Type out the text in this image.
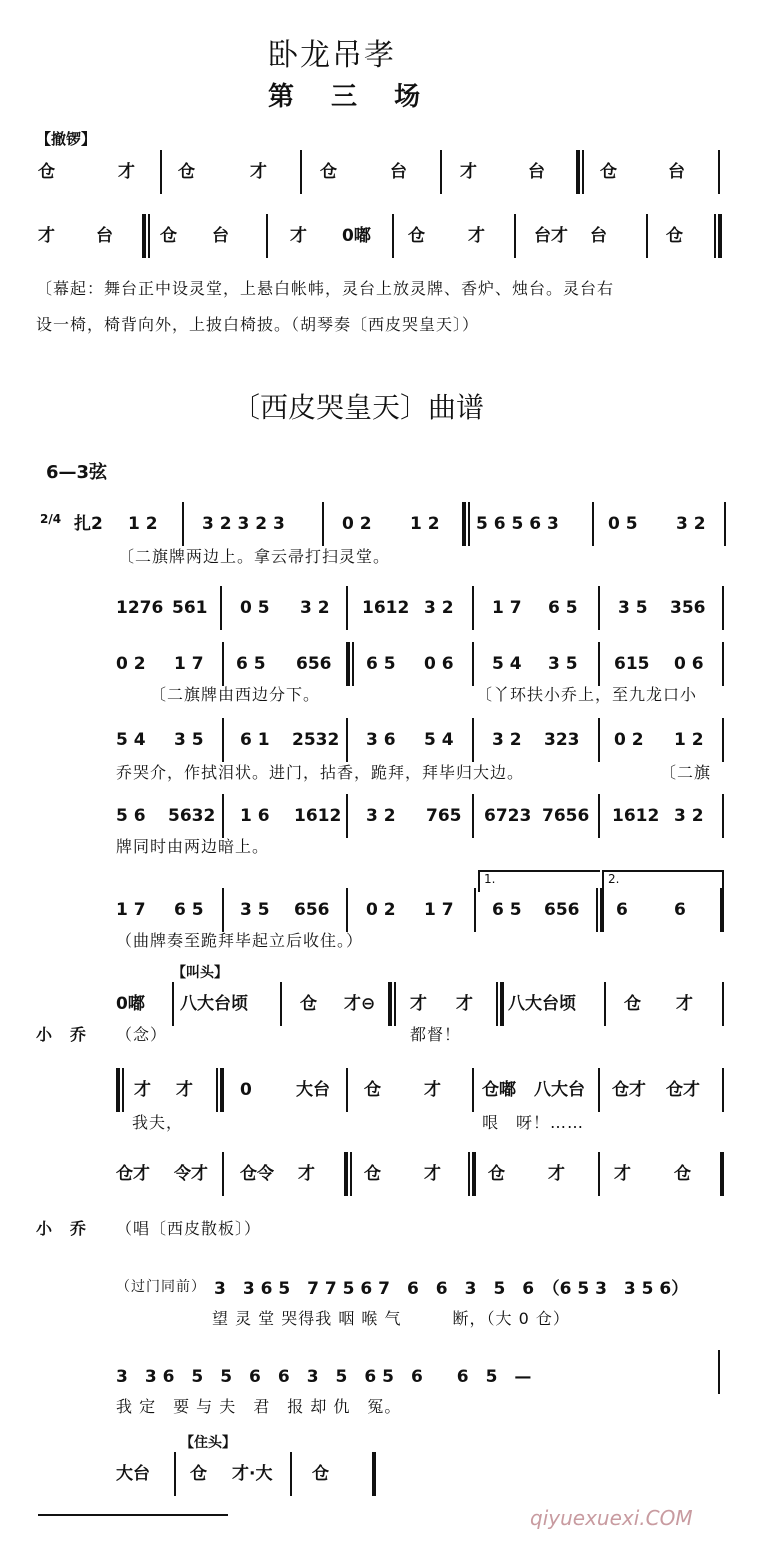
卧龙吊孝
第 三 场
【撤锣】
仓	才	仓	才	仓	台	才	台	仓	台
才 台	仓 台	才 0嘟 仓	才	台才 台	仓
〔幕起：舞台正中设灵堂，上悬白帐帏，灵台上放灵牌、香炉、烛台。灵台右
设一椅，椅背向外，上披白椅披。（胡琴奏〔西皮哭皇天〕）
〔西皮哭皇天〕曲谱
6—3弦
2/4 扎2 1 2	3 2 3 2 3	0 2 1 2 5 6 5 6 3	0 5 3 2
〔二旗牌两边上。拿云帚打扫灵堂。
1276 561 0 5 3 2 1612 3 2 1 7 6 5 3 5 356
0 2 1 7 6 5 656 6 5 0 6 5 4 3 5 615 0 6
〔二旗牌由西边分下。	〔丫环扶小乔上，至九龙口小
5 4 3 5 6 1 2532 3 6 5 4 3 2 323 0 2 1 2
乔哭介，作拭泪状。进门，拈香，跪拜，拜毕归大边。	〔二旗
5 6 5632 1 6 1612 3 2 765 6723 7656 1612 3 2
牌同时由两边暗上。
1.	2.
1 7 6 5 3 5 656 0 2 1 7 6 5 656 6	6
（曲牌奏至跪拜毕起立后收住。）
【叫头】
0嘟 八大台顷	仓 才⊖ 才 才 八大台顷	仓 才
小　乔 （念）	都督！
才 才	0	大台 仓	才 仓嘟 八大台 仓才 仓才
我夫，	哏　呀！……
仓才 令才 仓令 才	仓	才	仓	才	才	仓
小　乔 （唱〔西皮散板〕）
（过门同前） 3　3 6 5　7 7 5 6 7　6　6　3　5　6　（6 5 3　3 5 6）
望 灵 堂 哭得我 咽 喉 气　　　断，（大 0 仓）
3　3 6　5　5　6　6　3　5　6 5　6　　6　5　—
我 定　要 与 夫　君　报 却 仇　冤。
【住头】
大台 仓 才·大 仓
qiyuexuexi.COM
